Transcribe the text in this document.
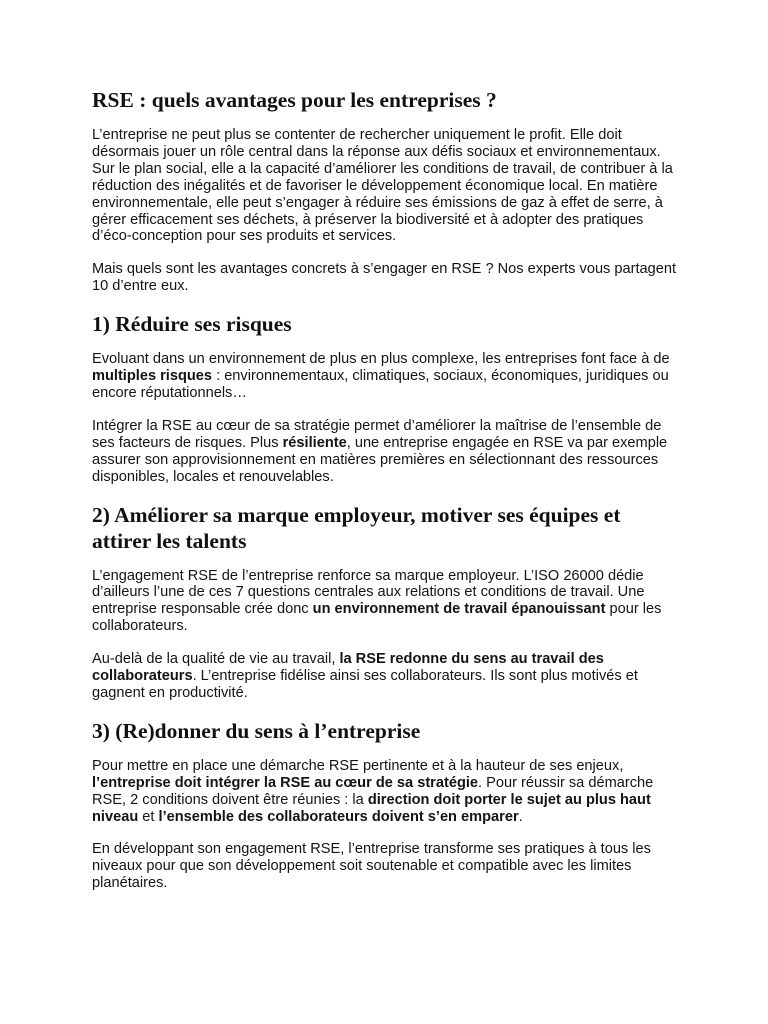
RSE : quels avantages pour les entreprises ?

L’entreprise ne peut plus se contenter de rechercher uniquement le profit. Elle doit désormais jouer un rôle central dans la réponse aux défis sociaux et environnementaux. Sur le plan social, elle a la capacité d’améliorer les conditions de travail, de contribuer à la réduction des inégalités et de favoriser le développement économique local. En matière environnementale, elle peut s’engager à réduire ses émissions de gaz à effet de serre, à gérer efficacement ses déchets, à préserver la biodiversité et à adopter des pratiques d’éco-conception pour ses produits et services.

Mais quels sont les avantages concrets à s’engager en RSE ? Nos experts vous partagent 10 d’entre eux.

1) Réduire ses risques

Evoluant dans un environnement de plus en plus complexe, les entreprises font face à de multiples risques : environnementaux, climatiques, sociaux, économiques, juridiques ou encore réputationnels…

Intégrer la RSE au cœur de sa stratégie permet d’améliorer la maîtrise de l’ensemble de ses facteurs de risques. Plus résiliente, une entreprise engagée en RSE va par exemple assurer son approvisionnement en matières premières en sélectionnant des ressources disponibles, locales et renouvelables.

2) Améliorer sa marque employeur, motiver ses équipes et attirer les talents

L’engagement RSE de l’entreprise renforce sa marque employeur. L’ISO 26000 dédie d’ailleurs l’une de ces 7 questions centrales aux relations et conditions de travail. Une entreprise responsable crée donc un environnement de travail épanouissant pour les collaborateurs.

Au-delà de la qualité de vie au travail, la RSE redonne du sens au travail des collaborateurs. L’entreprise fidélise ainsi ses collaborateurs. Ils sont plus motivés et gagnent en productivité.

3) (Re)donner du sens à l’entreprise

Pour mettre en place une démarche RSE pertinente et à la hauteur de ses enjeux, l’entreprise doit intégrer la RSE au cœur de sa stratégie. Pour réussir sa démarche RSE, 2 conditions doivent être réunies : la direction doit porter le sujet au plus haut niveau et l’ensemble des collaborateurs doivent s’en emparer.

En développant son engagement RSE, l’entreprise transforme ses pratiques à tous les niveaux pour que son développement soit soutenable et compatible avec les limites planétaires.
